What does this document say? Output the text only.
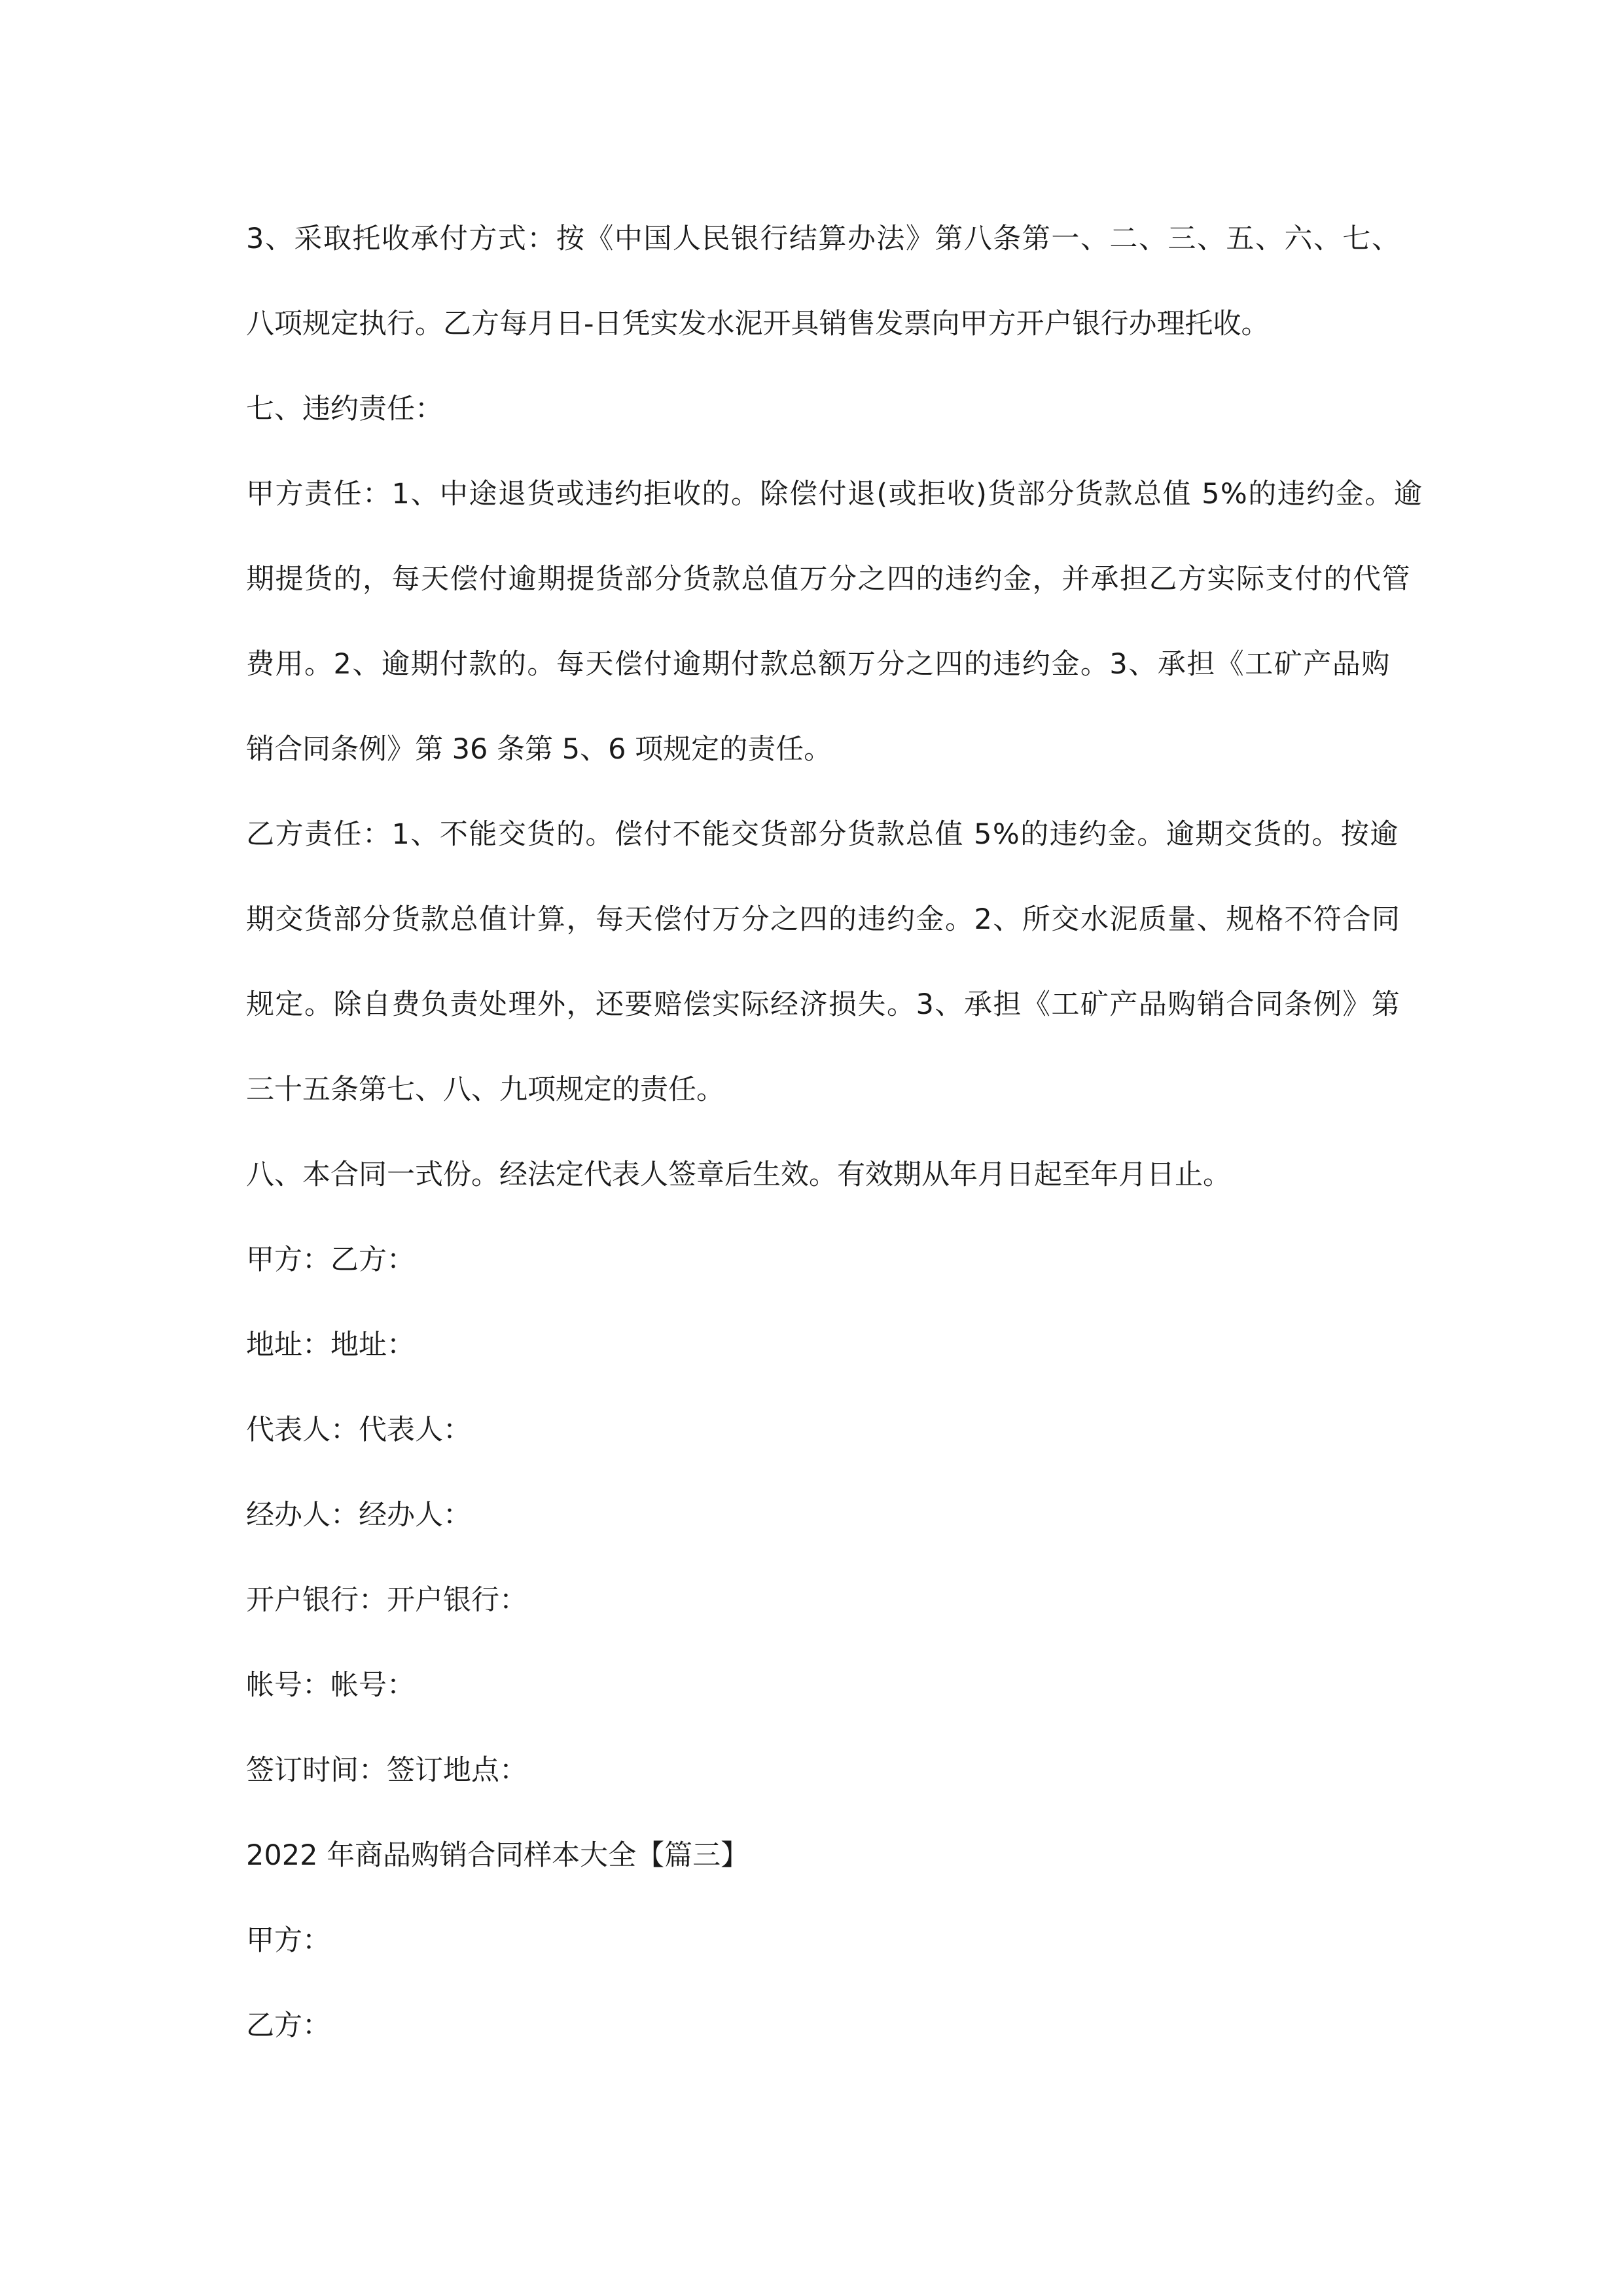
3、采取托收承付方式：按《中国人民银行结算办法》第八条第一、二、三、五、六、七、
八项规定执行。乙方每月日-日凭实发水泥开具销售发票向甲方开户银行办理托收。
七、违约责任：
甲方责任：1、中途退货或违约拒收的。除偿付退(或拒收)货部分货款总值 5%的违约金。逾
期提货的，每天偿付逾期提货部分货款总值万分之四的违约金，并承担乙方实际支付的代管
费用。2、逾期付款的。每天偿付逾期付款总额万分之四的违约金。3、承担《工矿产品购
销合同条例》第 36 条第 5、6 项规定的责任。
乙方责任：1、不能交货的。偿付不能交货部分货款总值 5%的违约金。逾期交货的。按逾
期交货部分货款总值计算，每天偿付万分之四的违约金。2、所交水泥质量、规格不符合同
规定。除自费负责处理外，还要赔偿实际经济损失。3、承担《工矿产品购销合同条例》第
三十五条第七、八、九项规定的责任。
八、本合同一式份。经法定代表人签章后生效。有效期从年月日起至年月日止。
甲方：乙方：
地址：地址：
代表人：代表人：
经办人：经办人：
开户银行：开户银行：
帐号：帐号：
签订时间：签订地点：
2022 年商品购销合同样本大全【篇三】
甲方：
乙方：
